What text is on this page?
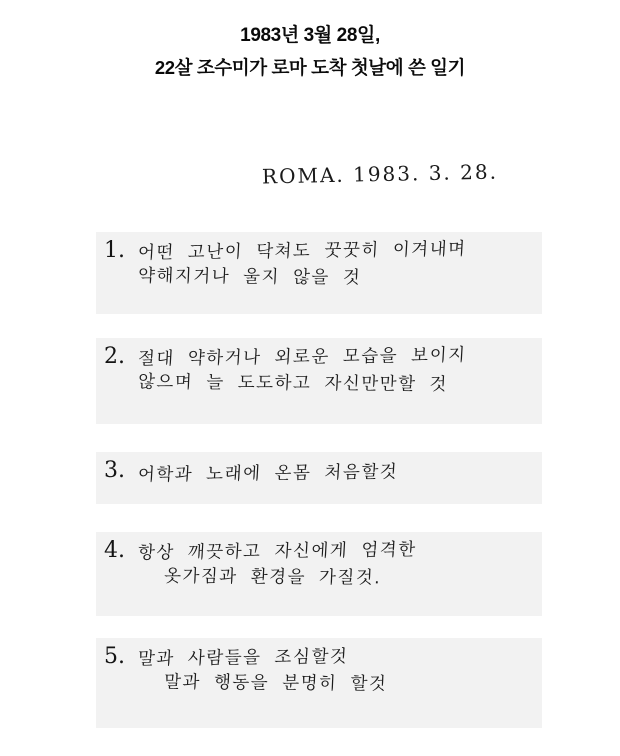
1983년 3월 28일,
22살 조수미가 로마 도착 첫날에 쓴 일기
ROMA. 1983. 3. 28.
1. 어떤 고난이 닥쳐도 꿋꿋히 이겨내며
약해지거나 울지 않을 것
2. 절대 약하거나 외로운 모습을 보이지
않으며 늘 도도하고 자신만만할 것
3. 어학과 노래에 온몸 처음할것
4. 항상 깨끗하고 자신에게 엄격한
옷가짐과 환경을 가질것.
5. 말과 사람들을 조심할것
말과 행동을 분명히 할것
